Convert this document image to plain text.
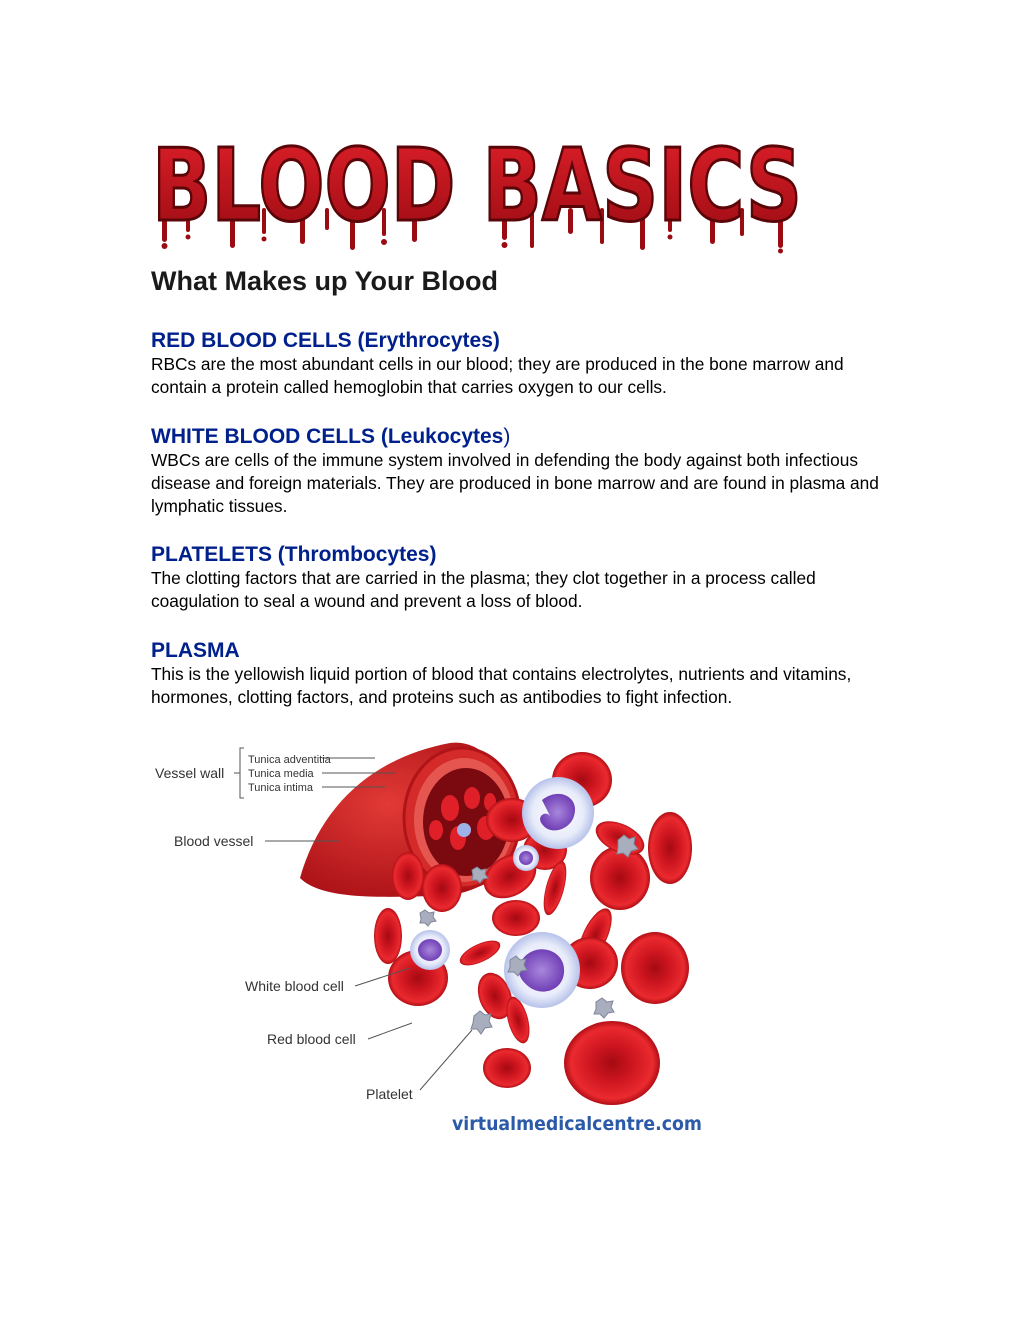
BLOOD BASICS
What Makes up Your Blood
RED BLOOD CELLS (Erythrocytes)

RBCs are the most abundant cells in our blood; they are produced in the bone marrow and contain a protein called hemoglobin that carries oxygen to our cells.

WHITE BLOOD CELLS (Leukocytes)

WBCs are cells of the immune system involved in defending the body against both infectious disease and foreign materials. They are produced in bone marrow and are found in plasma and lymphatic tissues.

PLATELETS (Thrombocytes)

The clotting factors that are carried in the plasma; they clot together in a process called coagulation to seal a wound and prevent a loss of blood.

PLASMA

This is the yellowish liquid portion of blood that contains electrolytes, nutrients and vitamins, hormones, clotting factors, and proteins such as antibodies to fight infection.

Vessel wall
Tunica adventitia
Tunica media
Tunica intima
Blood vessel
White blood cell
Red blood cell
Platelet
virtualmedicalcentre.com
